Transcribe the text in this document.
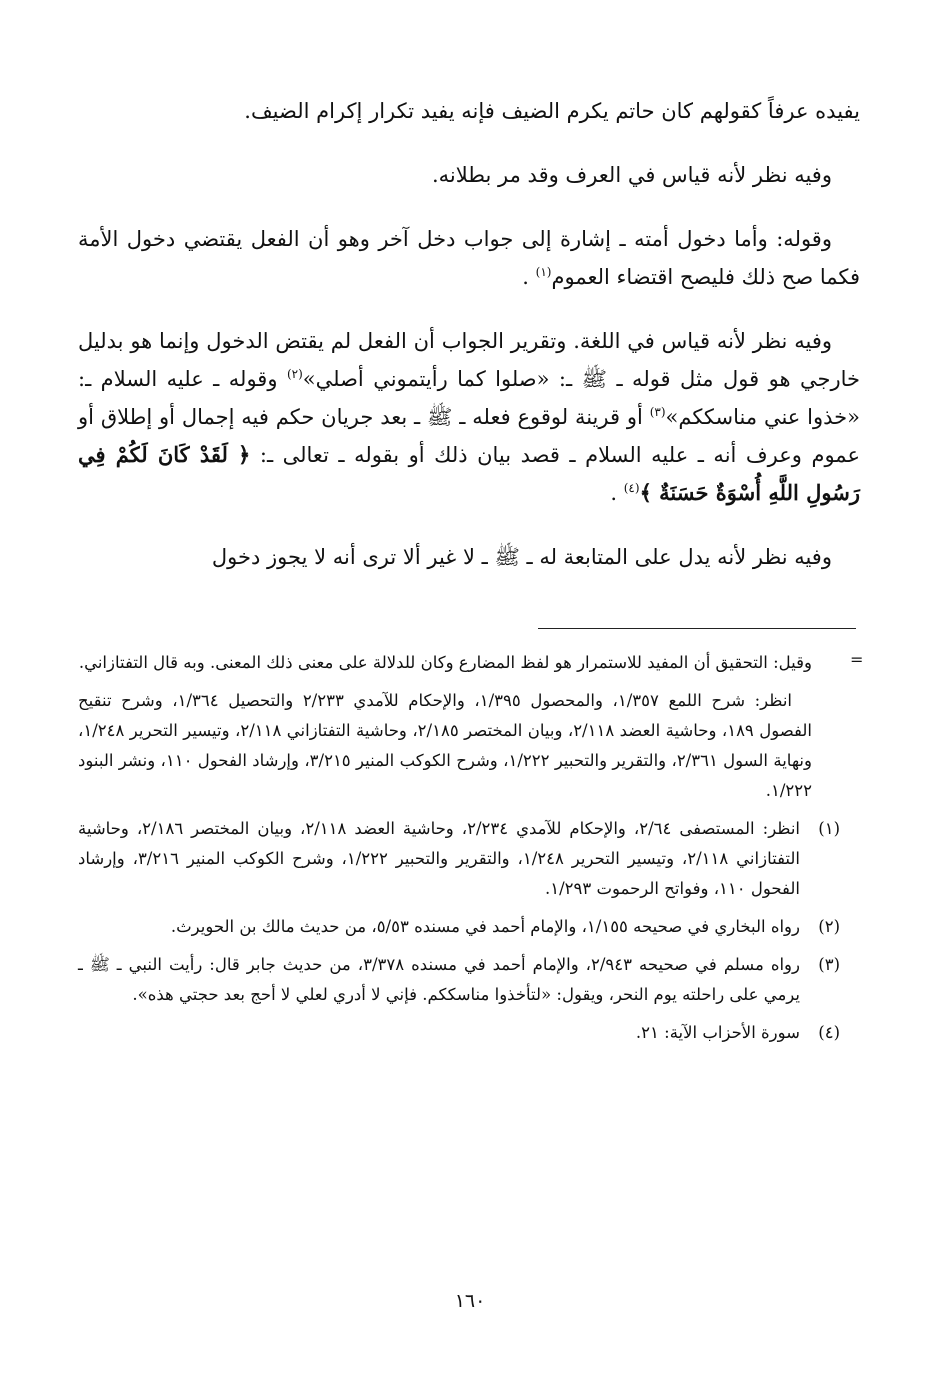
يفيده عرفاً كقولهم كان حاتم يكرم الضيف فإنه يفيد تكرار إكرام الضيف.

وفيه نظر لأنه قياس في العرف وقد مر بطلانه.

وقوله: وأما دخول أمته ـ إشارة إلى جواب دخل آخر وهو أن الفعل يقتضي دخول الأمة فكما صح ذلك فليصح اقتضاء العموم$^{(١)}$ .

وفيه نظر لأنه قياس في اللغة. وتقرير الجواب أن الفعل لم يقتض الدخول وإنما هو بدليل خارجي هو قول مثل قوله ـ ﷺ ـ: «صلوا كما رأيتموني أصلي»$^{(٢)}$ وقوله ـ عليه السلام ـ: «خذوا عني مناسككم»$^{(٣)}$ أو قرينة لوقوع فعله ـ ﷺ ـ بعد جريان حكم فيه إجمال أو إطلاق أو عموم وعرف أنه ـ عليه السلام ـ قصد بيان ذلك أو بقوله ـ تعالى ـ: ﴿ لَقَدْ كَانَ لَكُمْ فِي رَسُولِ اللَّهِ أُسْوَةٌ حَسَنَةٌ ﴾$^{(٤)}$ .

وفيه نظر لأنه يدل على المتابعة له ـ ﷺ ـ لا غير ألا ترى أنه لا يجوز دخول

=

وقيل: التحقيق أن المفيد للاستمرار هو لفظ المضارع وكان للدلالة على معنى ذلك المعنى. وبه قال التفتازاني.

انظر: شرح اللمع ١/٣٥٧، والمحصول ١/٣٩٥، والإحكام للآمدي ٢/٢٣٣ والتحصيل ١/٣٦٤، وشرح تنقيح الفصول ١٨٩، وحاشية العضد ٢/١١٨، وبيان المختصر ٢/١٨٥، وحاشية التفتازاني ٢/١١٨، وتيسير التحرير ١/٢٤٨، ونهاية السول ٢/٣٦١، والتقرير والتحبير ١/٢٢٢، وشرح الكوكب المنير ٣/٢١٥، وإرشاد الفحول ١١٠، ونشر البنود ١/٢٢٢.

(١)
انظر: المستصفى ٢/٦٤، والإحكام للآمدي ٢/٢٣٤، وحاشية العضد ٢/١١٨، وبيان المختصر ٢/١٨٦، وحاشية التفتازاني ٢/١١٨، وتيسير التحرير ١/٢٤٨، والتقرير والتحبير ١/٢٢٢، وشرح الكوكب المنير ٣/٢١٦، وإرشاد الفحول ١١٠، وفواتح الرحموت ١/٢٩٣.

(٢)
رواه البخاري في صحيحه ١/١٥٥، والإمام أحمد في مسنده ٥/٥٣، من حديث مالك بن الحويرث.

(٣)
رواه مسلم في صحيحه ٢/٩٤٣، والإمام أحمد في مسنده ٣/٣٧٨، من حديث جابر قال: رأيت النبي ـ ﷺ ـ يرمي على راحلته يوم النحر، ويقول: «لتأخذوا مناسككم. فإني لا أدري لعلي لا أحج بعد حجتي هذه».

(٤)
سورة الأحزاب الآية: ٢١.

١٦٠
